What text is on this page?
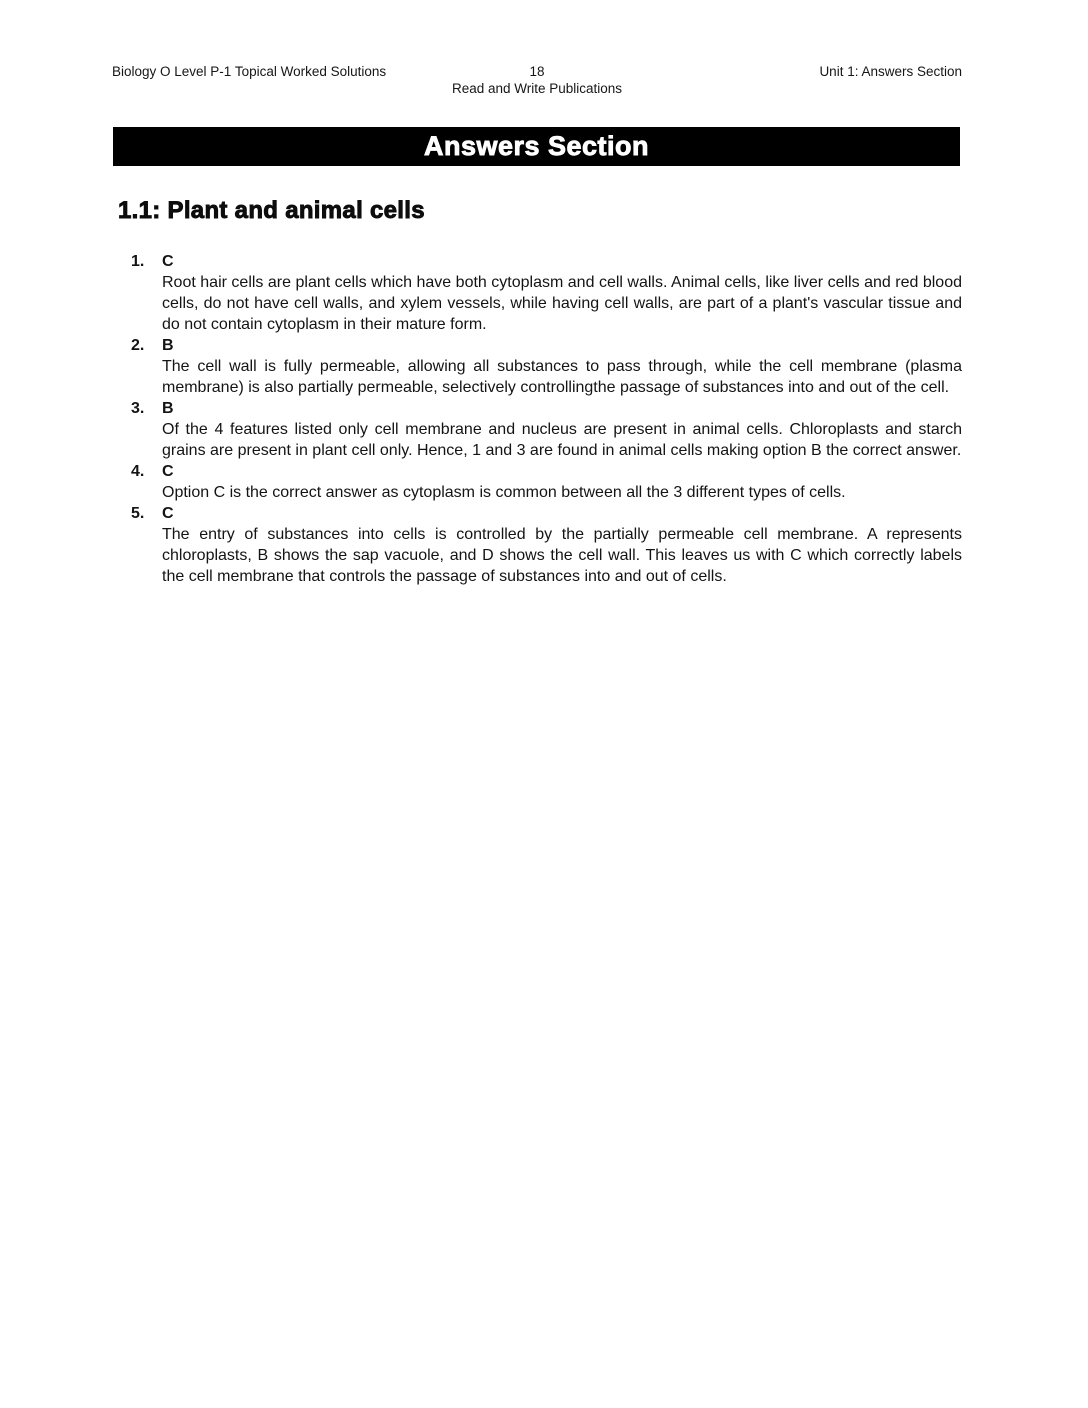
Biology O Level P-1 Topical Worked Solutions	18
Read and Write Publications
Unit 1: Answers Section
Answers Section
1.1: Plant and animal cells
1.	C

Root hair cells are plant cells which have both cytoplasm and cell walls. Animal cells, like liver cells and red blood cells, do not have cell walls, and xylem vessels, while having cell walls, are part of a plant's vascular tissue and do not contain cytoplasm in their mature form.

2.	B

The cell wall is fully permeable, allowing all substances to pass through, while the cell membrane (plasma membrane) is also partially permeable, selectively controllingthe passage of substances into and out of the cell.

3.	B

Of the 4 features listed only cell membrane and nucleus are present in animal cells. Chloroplasts and starch grains are present in plant cell only. Hence, 1 and 3 are found in animal cells making option B the correct answer.

4.	C

Option C is the correct answer as cytoplasm is common between all the 3 different types of cells.

5.	C

The entry of substances into cells is controlled by the partially permeable cell membrane. A represents chloroplasts, B shows the sap vacuole, and D shows the cell wall. This leaves us with C which correctly labels the cell membrane that controls the passage of substances into and out of cells.
